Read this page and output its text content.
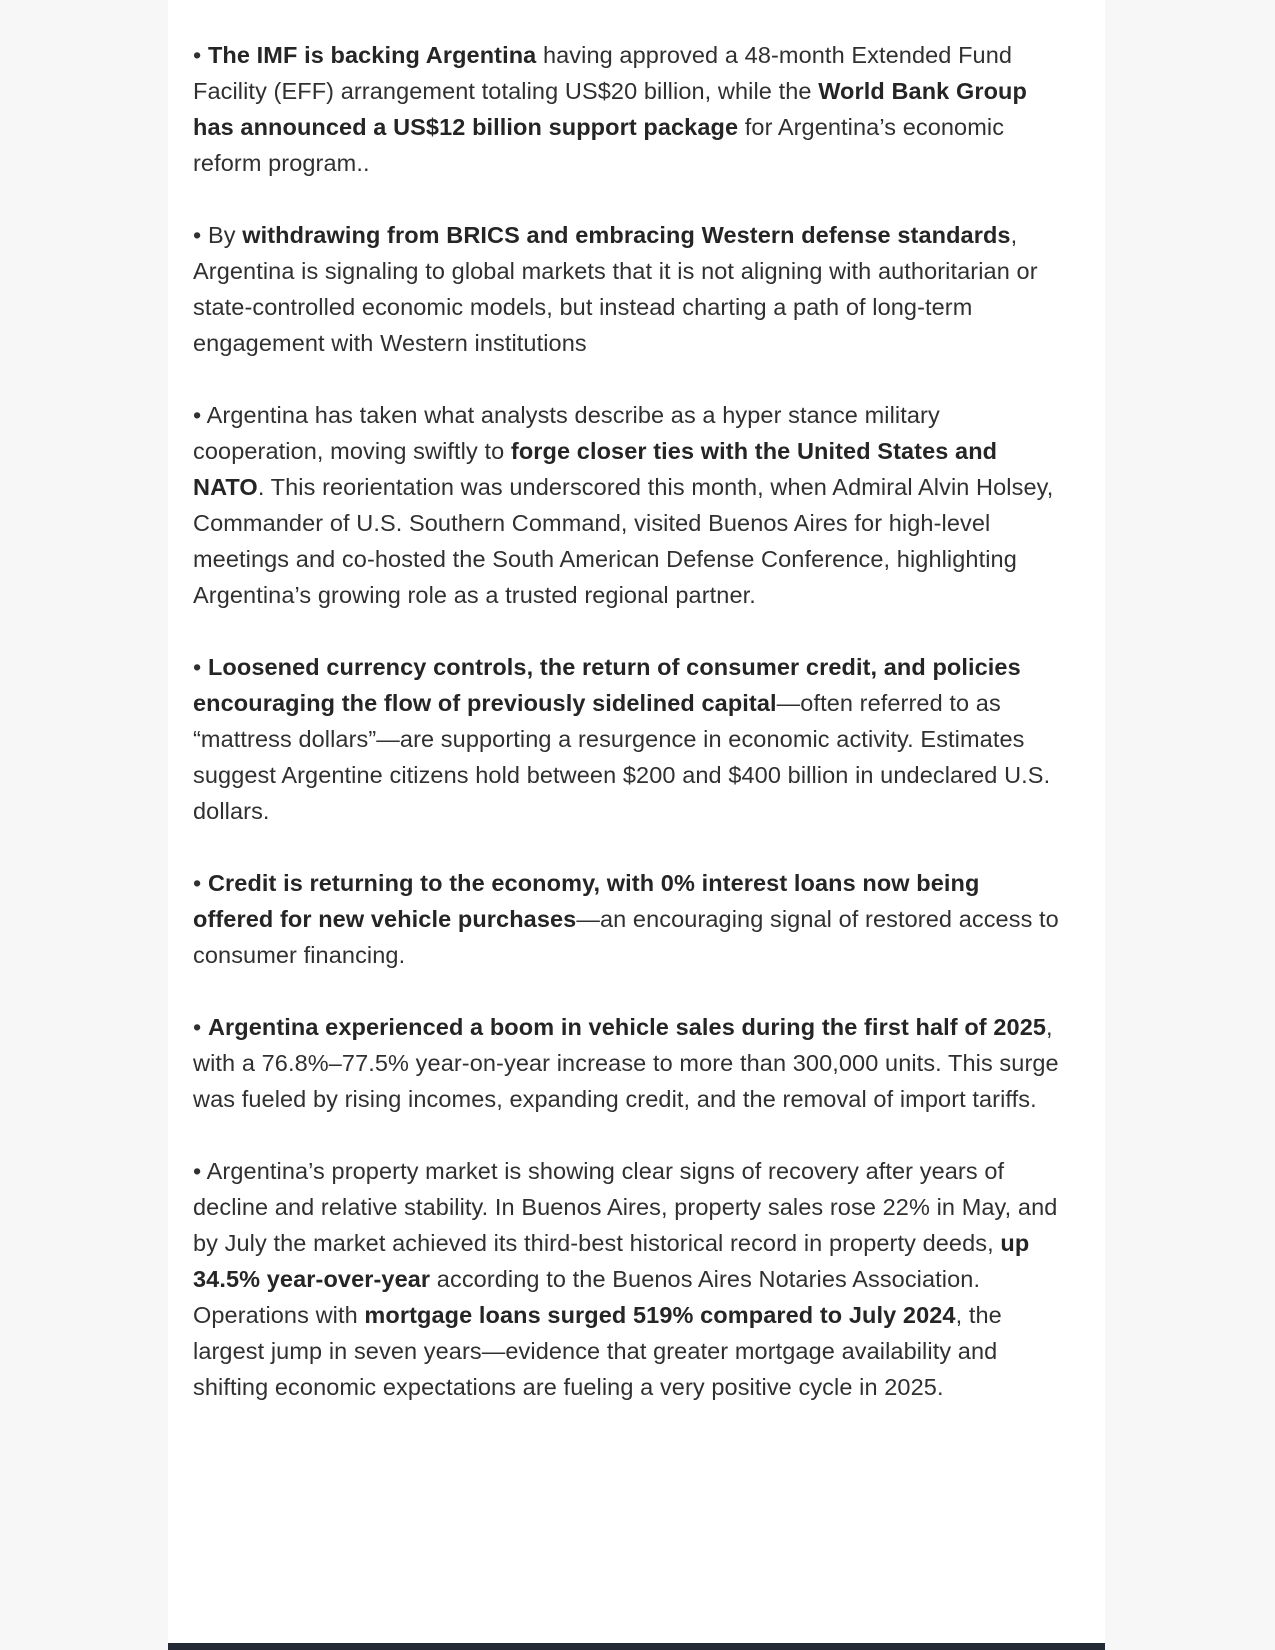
• The IMF is backing Argentina having approved a 48-month Extended Fund Facility (EFF) arrangement totaling US$20 billion, while the World Bank Group has announced a US$12 billion support package for Argentina’s economic reform program..

• By withdrawing from BRICS and embracing Western defense standards, Argentina is signaling to global markets that it is not aligning with authoritarian or state-controlled economic models, but instead charting a path of long-term engagement with Western institutions

• Argentina has taken what analysts describe as a hyper stance military cooperation, moving swiftly to forge closer ties with the United States and NATO. This reorientation was underscored this month, when Admiral Alvin Holsey, Commander of U.S. Southern Command, visited Buenos Aires for high-level meetings and co-hosted the South American Defense Conference, highlighting Argentina’s growing role as a trusted regional partner.

• Loosened currency controls, the return of consumer credit, and policies encouraging the flow of previously sidelined capital—often referred to as “mattress dollars”—are supporting a resurgence in economic activity. Estimates suggest Argentine citizens hold between $200 and $400 billion in undeclared U.S. dollars.

• Credit is returning to the economy, with 0% interest loans now being offered for new vehicle purchases—an encouraging signal of restored access to consumer financing.

• Argentina experienced a boom in vehicle sales during the first half of 2025, with a 76.8%–77.5% year-on-year increase to more than 300,000 units. This surge was fueled by rising incomes, expanding credit, and the removal of import tariffs.

• Argentina’s property market is showing clear signs of recovery after years of decline and relative stability. In Buenos Aires, property sales rose 22% in May, and by July the market achieved its third-best historical record in property deeds, up 34.5% year-over-year according to the Buenos Aires Notaries Association. Operations with mortgage loans surged 519% compared to July 2024, the largest jump in seven years—evidence that greater mortgage availability and shifting economic expectations are fueling a very positive cycle in 2025.
